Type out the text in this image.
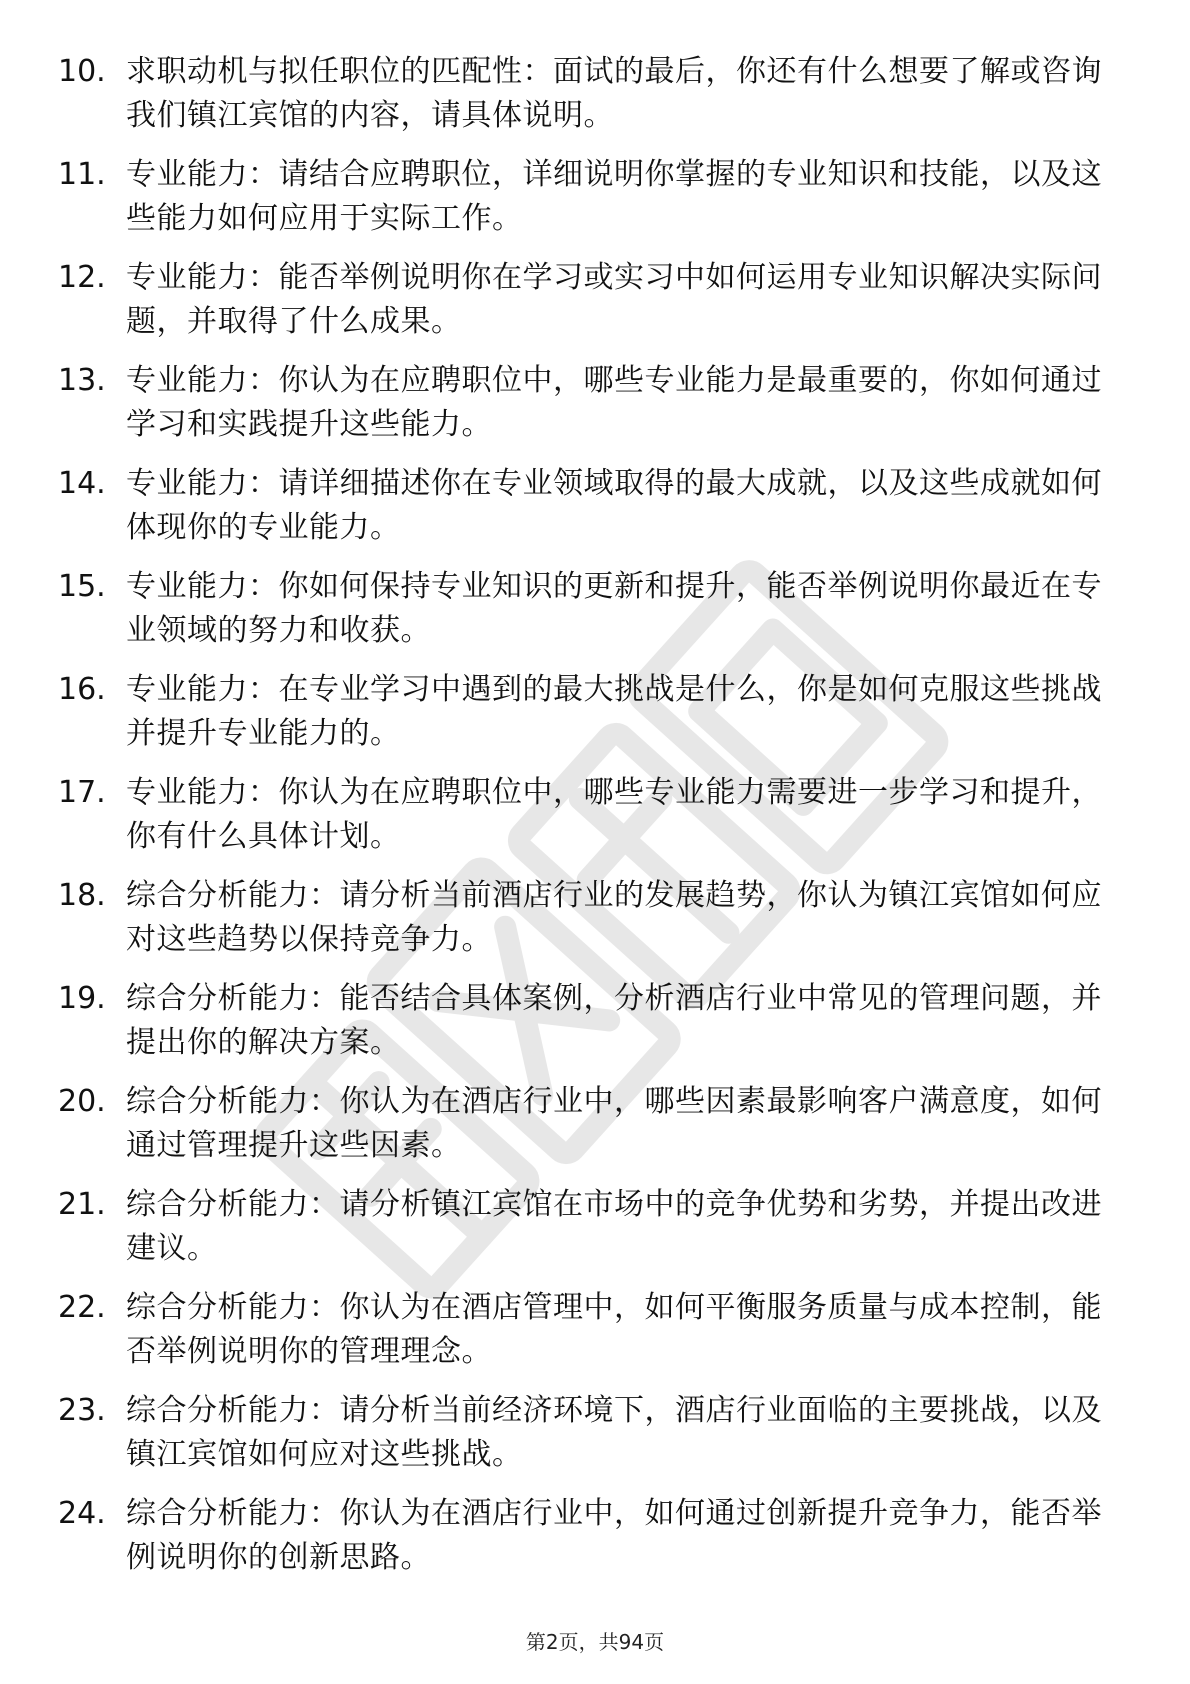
10. 求职动机与拟任职位的匹配性：面试的最后，你还有什么想要了解或咨询我们镇江宾馆的内容，请具体说明。
11. 专业能力：请结合应聘职位，详细说明你掌握的专业知识和技能，以及这些能力如何应用于实际工作。
12. 专业能力：能否举例说明你在学习或实习中如何运用专业知识解决实际问题，并取得了什么成果。
13. 专业能力：你认为在应聘职位中，哪些专业能力是最重要的，你如何通过学习和实践提升这些能力。
14. 专业能力：请详细描述你在专业领域取得的最大成就，以及这些成就如何体现你的专业能力。
15. 专业能力：你如何保持专业知识的更新和提升，能否举例说明你最近在专业领域的努力和收获。
16. 专业能力：在专业学习中遇到的最大挑战是什么，你是如何克服这些挑战并提升专业能力的。
17. 专业能力：你认为在应聘职位中，哪些专业能力需要进一步学习和提升，你有什么具体计划。
18. 综合分析能力：请分析当前酒店行业的发展趋势，你认为镇江宾馆如何应对这些趋势以保持竞争力。
19. 综合分析能力：能否结合具体案例，分析酒店行业中常见的管理问题，并提出你的解决方案。
20. 综合分析能力：你认为在酒店行业中，哪些因素最影响客户满意度，如何通过管理提升这些因素。
21. 综合分析能力：请分析镇江宾馆在市场中的竞争优势和劣势，并提出改进建议。
22. 综合分析能力：你认为在酒店管理中，如何平衡服务质量与成本控制，能否举例说明你的管理理念。
23. 综合分析能力：请分析当前经济环境下，酒店行业面临的主要挑战，以及镇江宾馆如何应对这些挑战。
24. 综合分析能力：你认为在酒店行业中，如何通过创新提升竞争力，能否举例说明你的创新思路。
第2页，共94页
